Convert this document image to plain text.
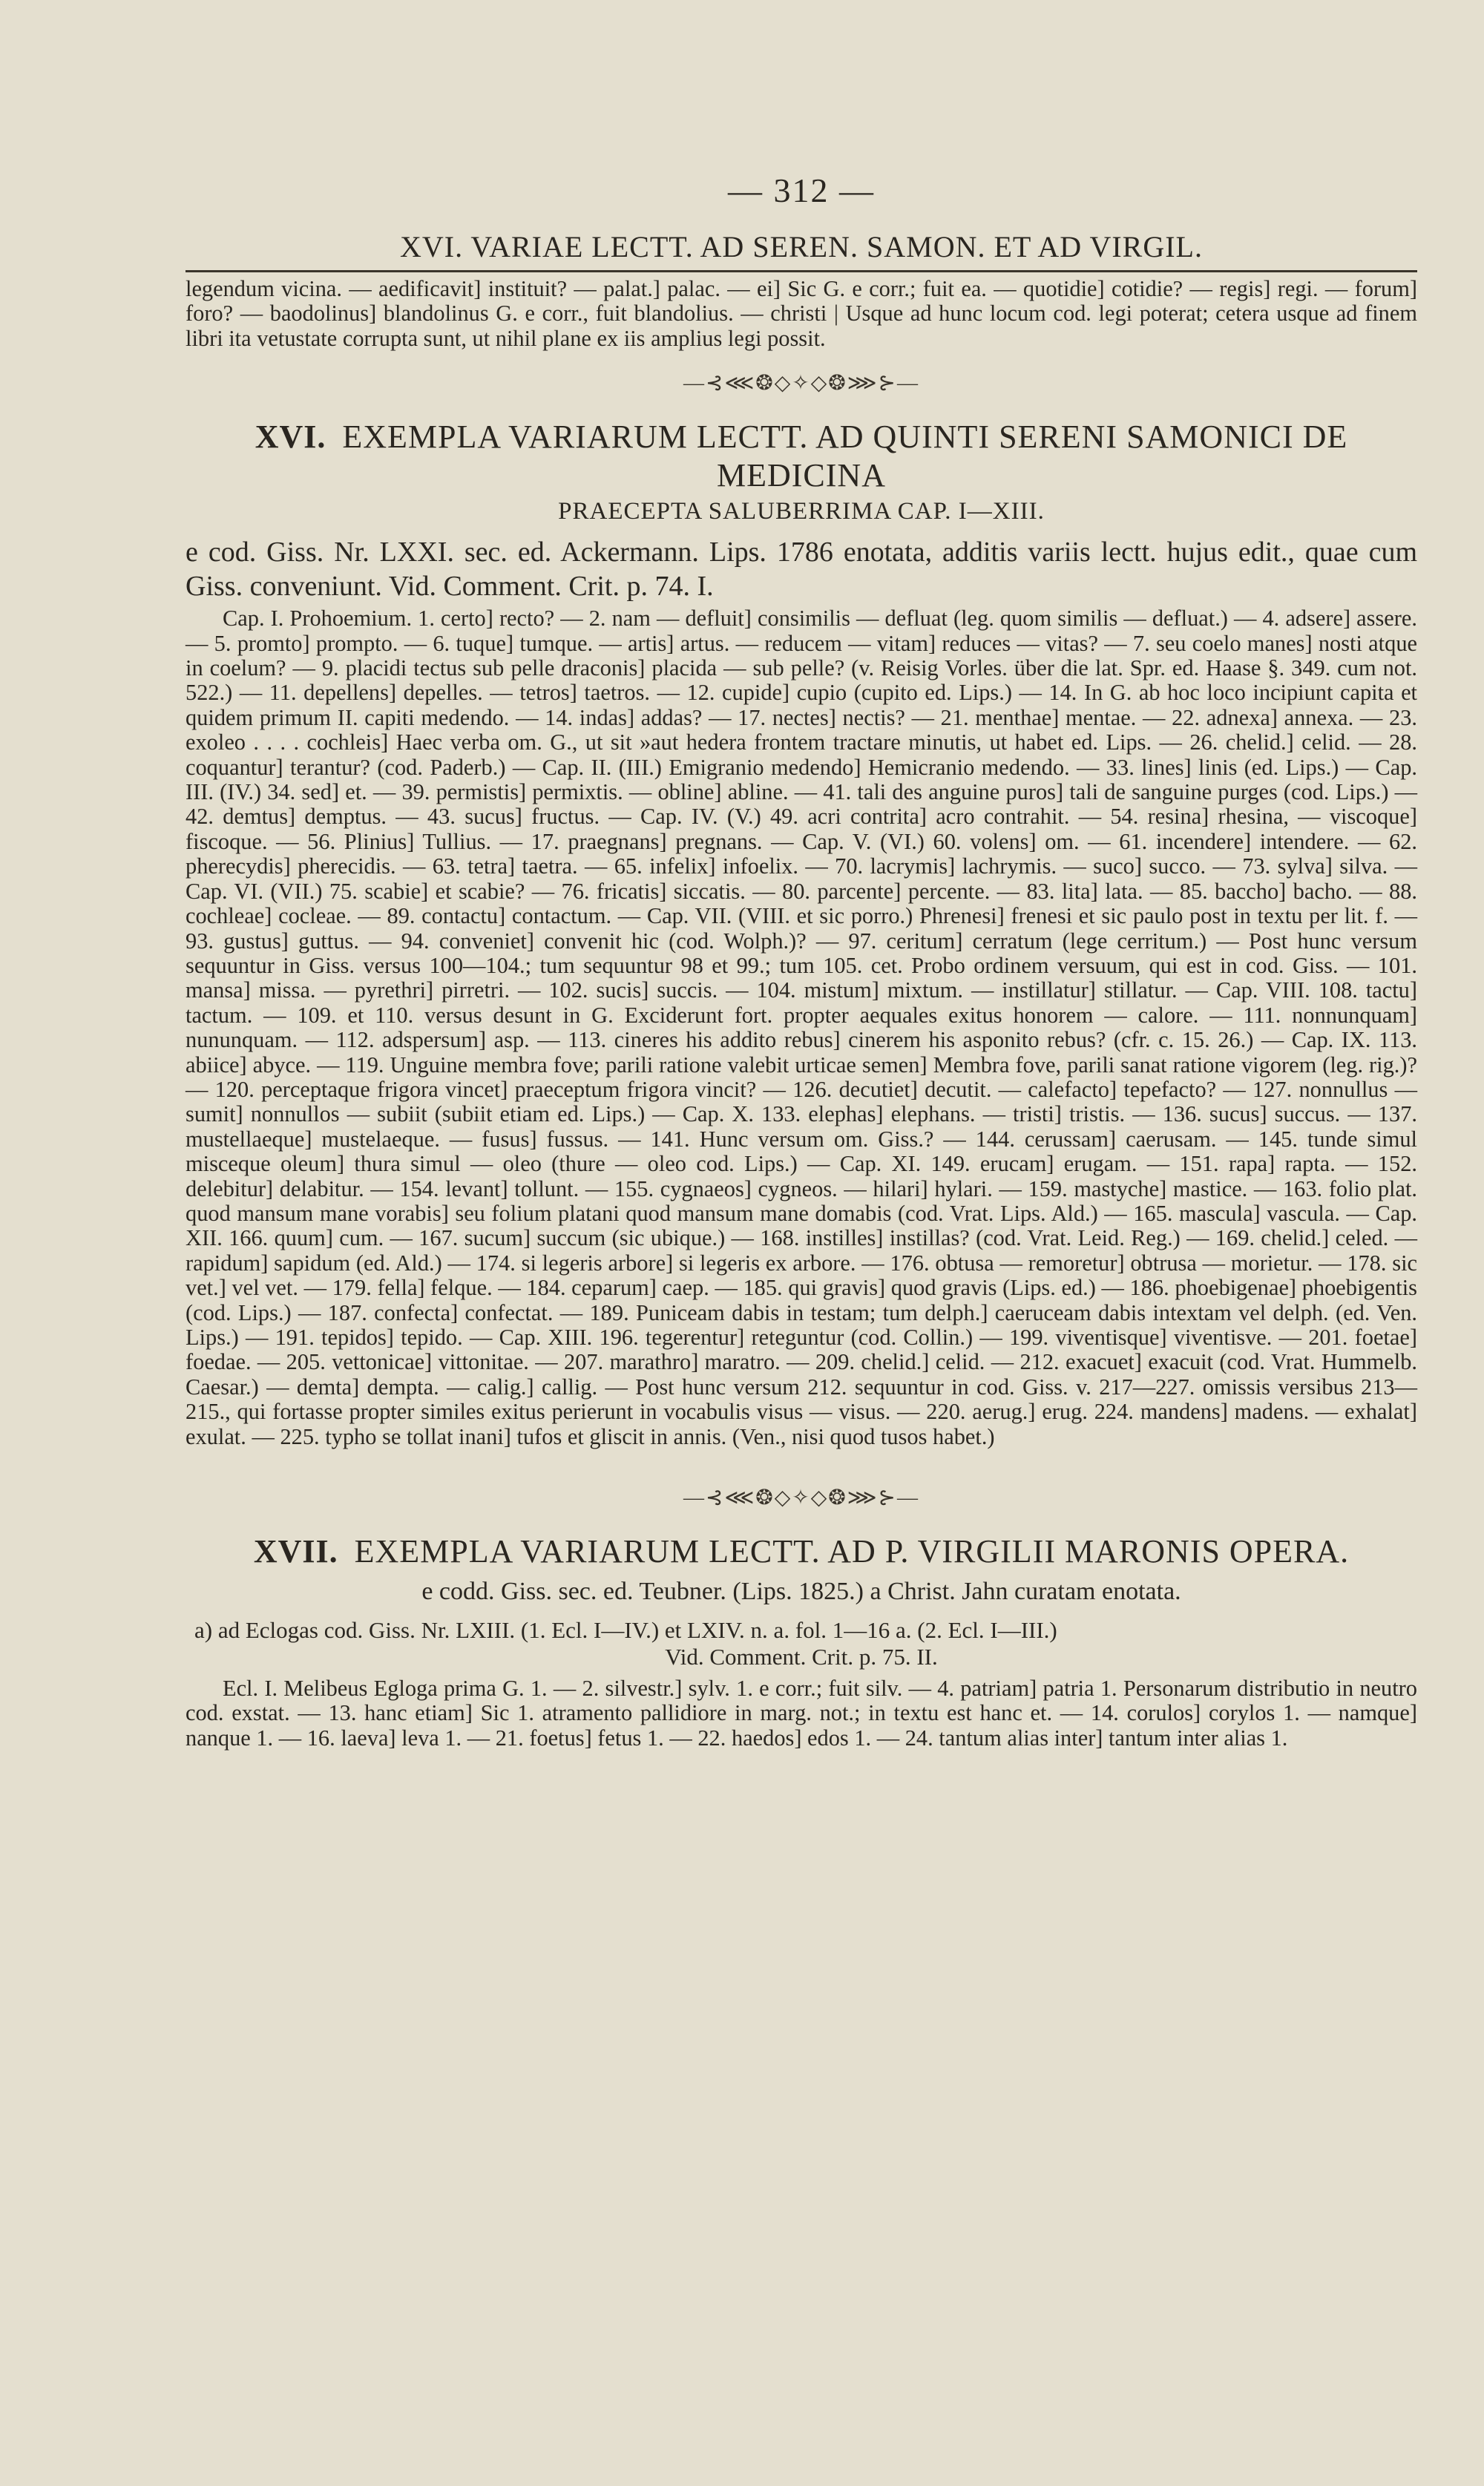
— 312 —
XVI. VARIAE LECTT. AD SEREN. SAMON. ET AD VIRGIL.

legendum vicina. — aedificavit] instituit? — palat.] palac. — ei] Sic G. e corr.; fuit ea. — quotidie] cotidie? — regis] regi. — forum] foro? — baodolinus] blandolinus G. e corr., fuit blandolius. — christi | Usque ad hunc locum cod. legi poterat; cetera usque ad finem libri ita vetustate corrupta sunt, ut nihil plane ex iis amplius legi possit.

—⊰⋘❂◇✧◇❂⋙⊱—
XVI. EXEMPLA VARIARUM LECTT. AD QUINTI SERENI SAMONICI DE MEDICINA
PRAECEPTA SALUBERRIMA CAP. I—XIII.

e cod. Giss. Nr. LXXI. sec. ed. Ackermann. Lips. 1786 enotata, additis variis lectt. hujus edit., quae cum Giss. conveniunt. Vid. Comment. Crit. p. 74. I.

Cap. I. Prohoemium. 1. certo] recto? — 2. nam — defluit] consimilis — defluat (leg. quom similis — defluat.) — 4. adsere] assere. — 5. promto] prompto. — 6. tuque] tumque. — artis] artus. — reducem — vitam] reduces — vitas? — 7. seu coelo manes] nosti atque in coelum? — 9. placidi tectus sub pelle draconis] placida — sub pelle? (v. Reisig Vorles. über die lat. Spr. ed. Haase §. 349. cum not. 522.) — 11. depellens] depelles. — tetros] taetros. — 12. cupide] cupio (cupito ed. Lips.) — 14. In G. ab hoc loco incipiunt capita et quidem primum II. capiti medendo. — 14. indas] addas? — 17. nectes] nectis? — 21. menthae] mentae. — 22. adnexa] annexa. — 23. exoleo . . . . cochleis] Haec verba om. G., ut sit »aut hedera frontem tractare minutis, ut habet ed. Lips. — 26. chelid.] celid. — 28. coquantur] terantur? (cod. Paderb.) — Cap. II. (III.) Emigranio medendo] Hemicranio medendo. — 33. lines] linis (ed. Lips.) — Cap. III. (IV.) 34. sed] et. — 39. permistis] permixtis. — obline] abline. — 41. tali des anguine puros] tali de sanguine purges (cod. Lips.) — 42. demtus] demptus. — 43. sucus] fructus. — Cap. IV. (V.) 49. acri contrita] acro contrahit. — 54. resina] rhesina, — viscoque] fiscoque. — 56. Plinius] Tullius. — 17. praegnans] pregnans. — Cap. V. (VI.) 60. volens] om. — 61. incendere] intendere. — 62. pherecydis] pherecidis. — 63. tetra] taetra. — 65. infelix] infoelix. — 70. lacrymis] lachrymis. — suco] succo. — 73. sylva] silva. — Cap. VI. (VII.) 75. scabie] et scabie? — 76. fricatis] siccatis. — 80. parcente] percente. — 83. lita] lata. — 85. baccho] bacho. — 88. cochleae] cocleae. — 89. contactu] contactum. — Cap. VII. (VIII. et sic porro.) Phrenesi] frenesi et sic paulo post in textu per lit. f. — 93. gustus] guttus. — 94. conveniet] convenit hic (cod. Wolph.)? — 97. ceritum] cerratum (lege cerritum.) — Post hunc versum sequuntur in Giss. versus 100—104.; tum sequuntur 98 et 99.; tum 105. cet. Probo ordinem versuum, qui est in cod. Giss. — 101. mansa] missa. — pyrethri] pirretri. — 102. sucis] succis. — 104. mistum] mixtum. — instillatur] stillatur. — Cap. VIII. 108. tactu] tactum. — 109. et 110. versus desunt in G. Exciderunt fort. propter aequales exitus honorem — calore. — 111. nonnunquam] nununquam. — 112. adspersum] asp. — 113. cineres his addito rebus] cinerem his asponito rebus? (cfr. c. 15. 26.) — Cap. IX. 113. abiice] abyce. — 119. Unguine membra fove; parili ratione valebit urticae semen] Membra fove, parili sanat ratione vigorem (leg. rig.)? — 120. perceptaque frigora vincet] praeceptum frigora vincit? — 126. decutiet] decutit. — calefacto] tepefacto? — 127. nonnullus — sumit] nonnullos — subiit (subiit etiam ed. Lips.) — Cap. X. 133. elephas] elephans. — tristi] tristis. — 136. sucus] succus. — 137. mustellaeque] mustelaeque. — fusus] fussus. — 141. Hunc versum om. Giss.? — 144. cerussam] caerusam. — 145. tunde simul misceque oleum] thura simul — oleo (thure — oleo cod. Lips.) — Cap. XI. 149. erucam] erugam. — 151. rapa] rapta. — 152. delebitur] delabitur. — 154. levant] tollunt. — 155. cygnaeos] cygneos. — hilari] hylari. — 159. mastyche] mastice. — 163. folio plat. quod mansum mane vorabis] seu folium platani quod mansum mane domabis (cod. Vrat. Lips. Ald.) — 165. mascula] vascula. — Cap. XII. 166. quum] cum. — 167. sucum] succum (sic ubique.) — 168. instilles] instillas? (cod. Vrat. Leid. Reg.) — 169. chelid.] celed. — rapidum] sapidum (ed. Ald.) — 174. si legeris arbore] si legeris ex arbore. — 176. obtusa — remoretur] obtrusa — morietur. — 178. sic vet.] vel vet. — 179. fella] felque. — 184. ceparum] caep. — 185. qui gravis] quod gravis (Lips. ed.) — 186. phoebigenae] phoebigentis (cod. Lips.) — 187. confecta] confectat. — 189. Puniceam dabis in testam; tum delph.] caeruceam dabis intextam vel delph. (ed. Ven. Lips.) — 191. tepidos] tepido. — Cap. XIII. 196. tegerentur] reteguntur (cod. Collin.) — 199. viventisque] viventisve. — 201. foetae] foedae. — 205. vettonicae] vittonitae. — 207. marathro] maratro. — 209. chelid.] celid. — 212. exacuet] exacuit (cod. Vrat. Hummelb. Caesar.) — demta] dempta. — calig.] callig. — Post hunc versum 212. sequuntur in cod. Giss. v. 217—227. omissis versibus 213—215., qui fortasse propter similes exitus perierunt in vocabulis visus — visus. — 220. aerug.] erug. 224. mandens] madens. — exhalat] exulat. — 225. typho se tollat inani] tufos et gliscit in annis. (Ven., nisi quod tusos habet.)

—⊰⋘❂◇✧◇❂⋙⊱—
XVII. EXEMPLA VARIARUM LECTT. AD P. VIRGILII MARONIS OPERA.

e codd. Giss. sec. ed. Teubner. (Lips. 1825.) a Christ. Jahn curatam enotata.

a) ad Eclogas cod. Giss. Nr. LXIII. (1. Ecl. I—IV.) et LXIV. n. a. fol. 1—16 a. (2. Ecl. I—III.)

Vid. Comment. Crit. p. 75. II.

Ecl. I. Melibeus Egloga prima G. 1. — 2. silvestr.] sylv. 1. e corr.; fuit silv. — 4. patriam] patria 1. Personarum distributio in neutro cod. exstat. — 13. hanc etiam] Sic 1. atramento pallidiore in marg. not.; in textu est hanc et. — 14. corulos] corylos 1. — namque] nanque 1. — 16. laeva] leva 1. — 21. foetus] fetus 1. — 22. haedos] edos 1. — 24. tantum alias inter] tantum inter alias 1.
